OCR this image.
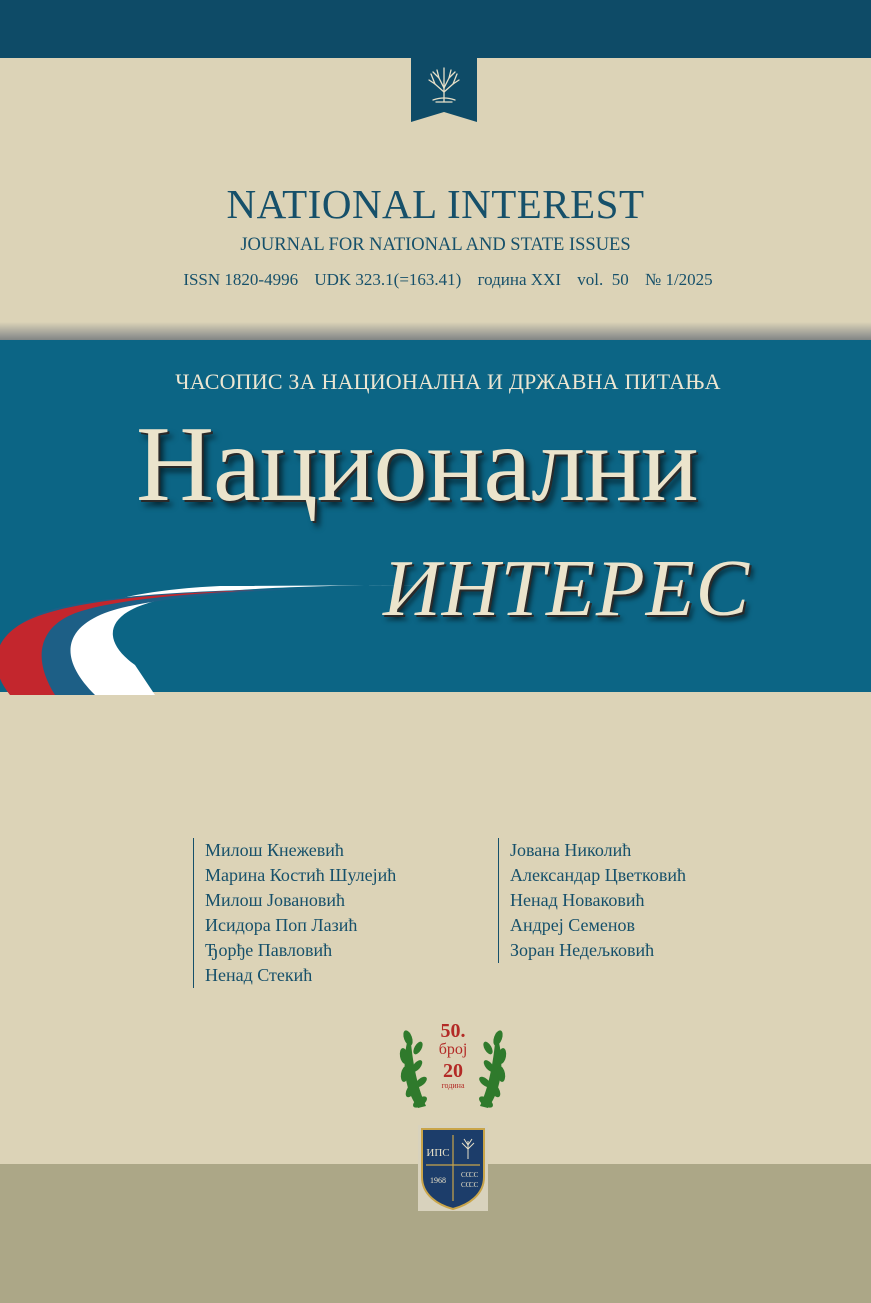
NATIONAL INTEREST
JOURNAL FOR NATIONAL AND STATE ISSUES
ISSN 1820-4996 UDK 323.1(=163.41) година XXI vol.  50 № 1/2025
ЧАСОПИС ЗА НАЦИОНАЛНА И ДРЖАВНА ПИТАЊА
Национални
ИНТЕРЕС
Милош Кнежевић
Марина Костић Шулејић
Милош Јовановић
Исидора Поп Лазић
Ђорђе Павловић
Ненад Стекић
Јована Николић
Александар Цветковић
Ненад Новаковић
Андреј Семенов
Зоран Недељковић
50.
број
20
година
ИПС
1968
CC
CC
CC
CC
